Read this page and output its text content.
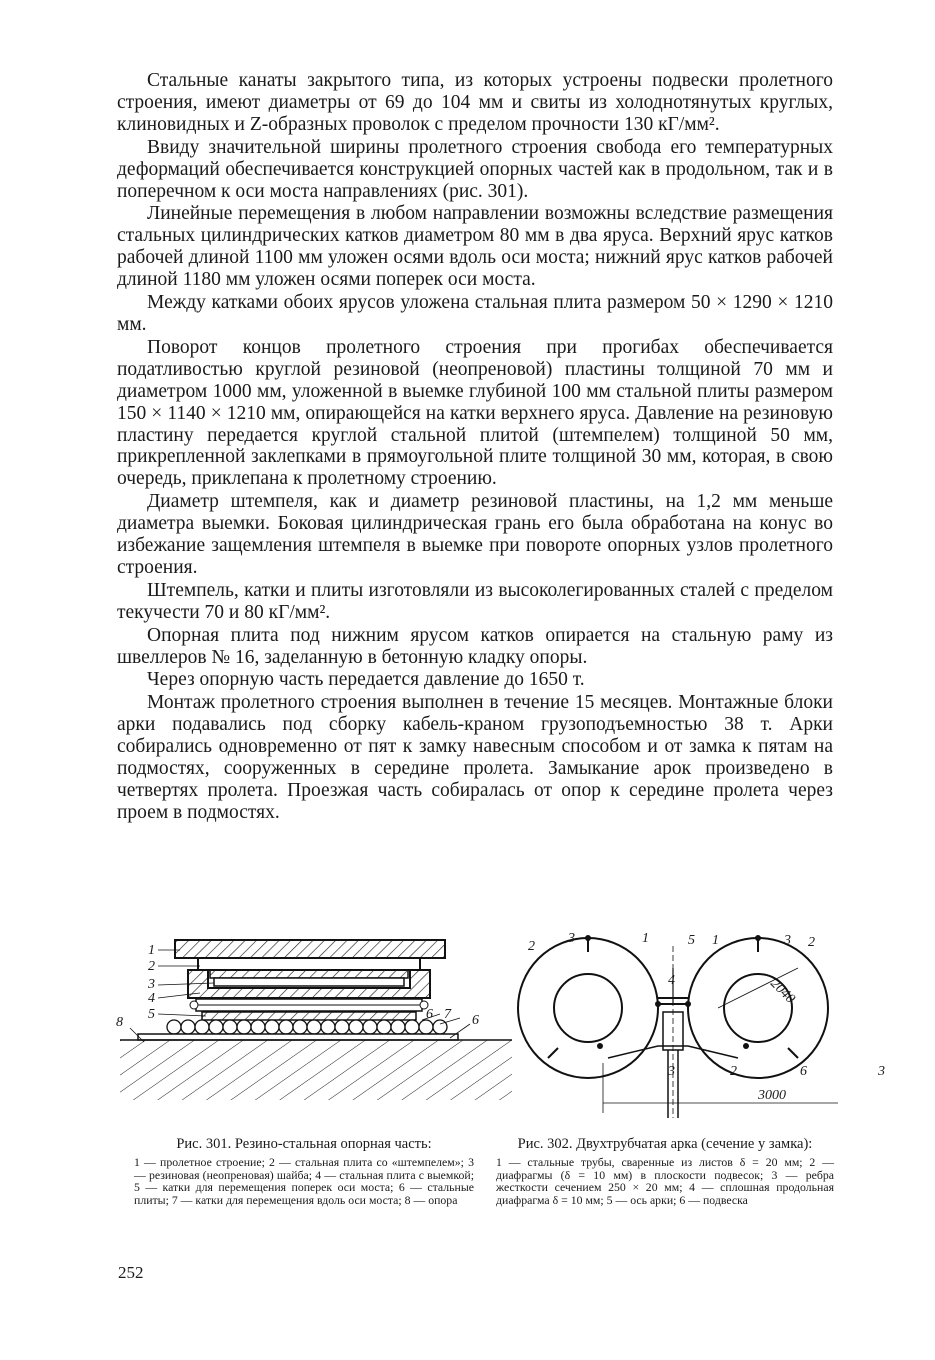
Стальные канаты закрытого типа, из которых устроены подвески пролетного строения, имеют диаметры от 69 до 104 мм и свиты из холоднотянутых круглых, клиновидных и Z-образных проволок с пределом прочности 130 кГ/мм².

Ввиду значительной ширины пролетного строения свобода его температурных деформаций обеспечивается конструкцией опорных частей как в продольном, так и в поперечном к оси моста направлениях (рис. 301).

Линейные перемещения в любом направлении возможны вследствие размещения стальных цилиндрических катков диаметром 80 мм в два яруса. Верхний ярус катков рабочей длиной 1100 мм уложен осями вдоль оси моста; нижний ярус катков рабочей длиной 1180 мм уложен осями поперек оси моста.

Между катками обоих ярусов уложена стальная плита размером 50 × 1290 × 1210 мм.

Поворот концов пролетного строения при прогибах обеспечивается податливостью круглой резиновой (неопреновой) пластины толщиной 70 мм и диаметром 1000 мм, уложенной в выемке глубиной 100 мм стальной плиты размером 150 × 1140 × 1210 мм, опирающейся на катки верхнего яруса. Давление на резиновую пластину передается круглой стальной плитой (штемпелем) толщиной 50 мм, прикрепленной заклепками в прямоугольной плите толщиной 30 мм, которая, в свою очередь, приклепана к пролетному строению.

Диаметр штемпеля, как и диаметр резиновой пластины, на 1,2 мм меньше диаметра выемки. Боковая цилиндрическая грань его была обработана на конус во избежание защемления штемпеля в выемке при повороте опорных узлов пролетного строения.

Штемпель, катки и плиты изготовляли из высоколегированных сталей с пределом текучести 70 и 80 кГ/мм².

Опорная плита под нижним ярусом катков опирается на стальную раму из швеллеров № 16, заделанную в бетонную кладку опоры.

Через опорную часть передается давление до 1650 т.

Монтаж пролетного строения выполнен в течение 15 месяцев. Монтажные блоки арки подавались под сборку кабель-краном грузоподъемностью 38 т. Арки собирались одновременно от пят к замку навесным способом и от замка к пятам на подмостях, сооруженных в середине пролета. Замыкание арок произведено в четвертях пролета. Проезжая часть собиралась от опор к середине пролета через проем в подмостях.

1
2
3
4
5	6 7
8	6
2
3	1	5 1	3 2
4
3	2	6	3
2040
3000

Рис. 301. Резино-стальная опорная часть:

1 — пролетное строение; 2 — стальная плита со «штемпелем»; 3 — резиновая (неопреновая) шайба; 4 — стальная плита с выемкой; 5 — катки для перемещения поперек оси моста; 6 — стальные плиты; 7 — катки для перемещения вдоль оси моста; 8 — опора

Рис. 302. Двухтрубчатая арка (сечение у замка):

1 — стальные трубы, сваренные из листов δ = 20 мм; 2 — диафрагмы (δ = 10 мм) в плоскости подвесок; 3 — ребра жесткости сечением 250 × 20 мм; 4 — сплошная продольная диафрагма δ = 10 мм; 5 — ось арки; 6 — подвеска

252
